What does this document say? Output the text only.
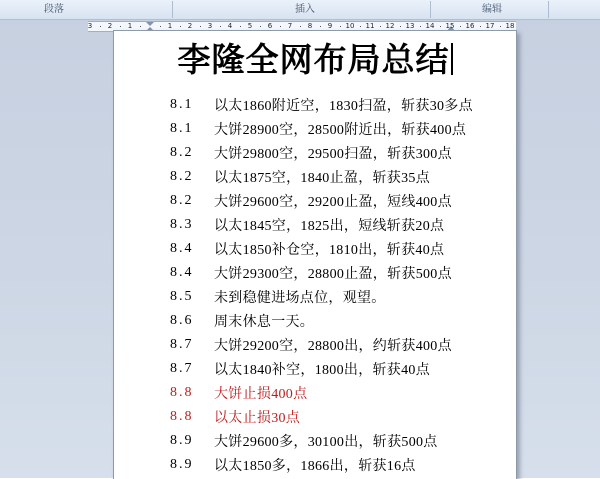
段落	插入	编辑
3 2 1	1 2 3 4 5 6 7 8 9 10 11 12 13 14 15 16 17 18
李隆全网布局总结
8.1	以太1860附近空，1830扫盈，斩获30多点
8.1	大饼28900空，28500附近出，斩获400点
8.2	大饼29800空，29500扫盈，斩获300点
8.2	以太1875空，1840止盈，斩获35点
8.2	大饼29600空，29200止盈，短线400点
8.3	以太1845空，1825出，短线斩获20点
8.4	以太1850补仓空，1810出，斩获40点
8.4	大饼29300空，28800止盈，斩获500点
8.5	未到稳健进场点位，观望。
8.6	周末休息一天。
8.7	大饼29200空，28800出，约斩获400点
8.7	以太1840补空，1800出，斩获40点
8.8	大饼止损400点
8.8	以太止损30点
8.9	大饼29600多，30100出，斩获500点
8.9	以太1850多，1866出，斩获16点
